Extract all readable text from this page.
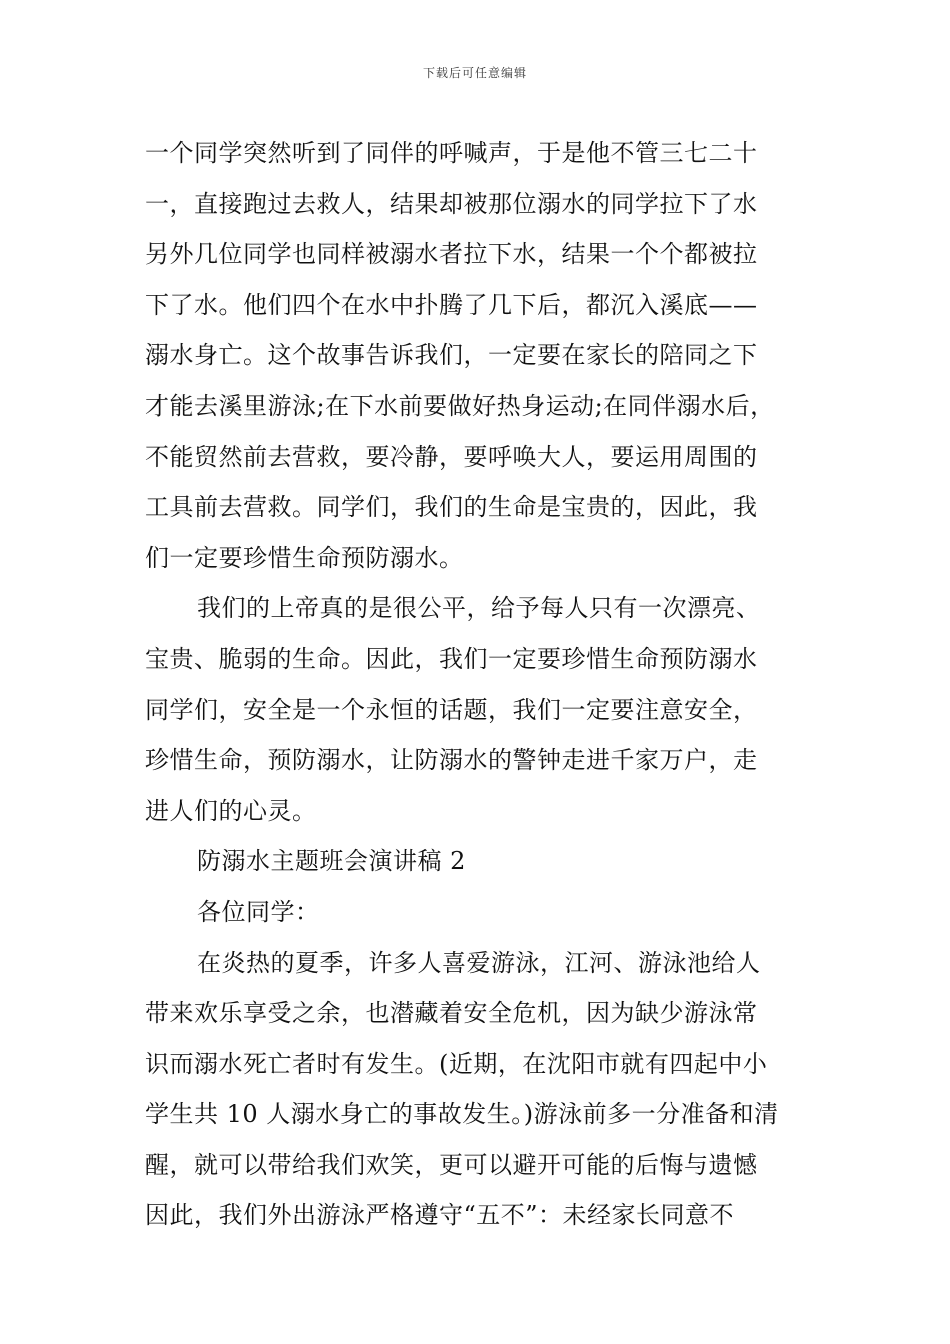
下载后可任意编辑
一个同学突然听到了同伴的呼喊声，于是他不管三七二十
一，直接跑过去救人，结果却被那位溺水的同学拉下了水
另外几位同学也同样被溺水者拉下水，结果一个个都被拉
下了水。他们四个在水中扑腾了几下后，都沉入溪底——
溺水身亡。这个故事告诉我们，一定要在家长的陪同之下
才能去溪里游泳;在下水前要做好热身运动;在同伴溺水后，
不能贸然前去营救，要冷静，要呼唤大人，要运用周围的
工具前去营救。同学们，我们的生命是宝贵的，因此，我
们一定要珍惜生命预防溺水。
我们的上帝真的是很公平，给予每人只有一次漂亮、
宝贵、脆弱的生命。因此，我们一定要珍惜生命预防溺水
同学们，安全是一个永恒的话题，我们一定要注意安全，
珍惜生命，预防溺水，让防溺水的警钟走进千家万户，走
进人们的心灵。
防溺水主题班会演讲稿 2
各位同学：
在炎热的夏季，许多人喜爱游泳，江河、游泳池给人
带来欢乐享受之余，也潜藏着安全危机，因为缺少游泳常
识而溺水死亡者时有发生。(近期，在沈阳市就有四起中小
学生共 10 人溺水身亡的事故发生。)游泳前多一分准备和清
醒，就可以带给我们欢笑，更可以避开可能的后悔与遗憾
因此，我们外出游泳严格遵守“五不”：未经家长同意不
